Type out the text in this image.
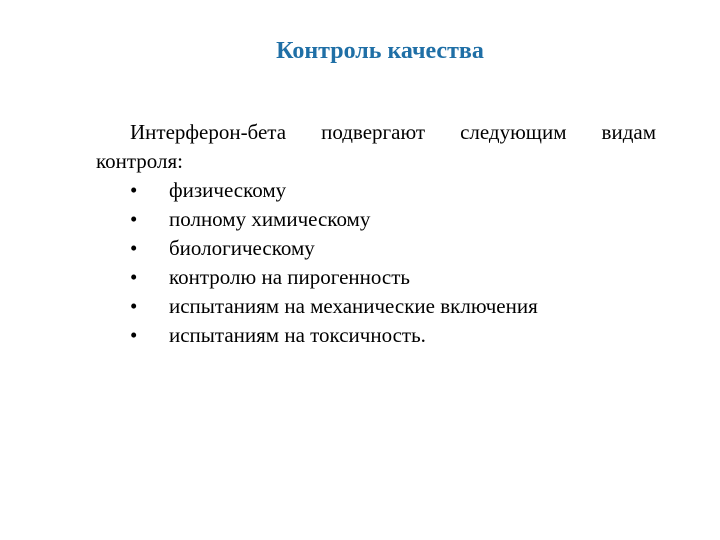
Контроль качества

Интерферон-бета подвергают следующим видам контроля:

• физическому
• полному химическому
• биологическому
• контролю на пирогенность
• испытаниям на механические включения
• испытаниям на токсичность.
